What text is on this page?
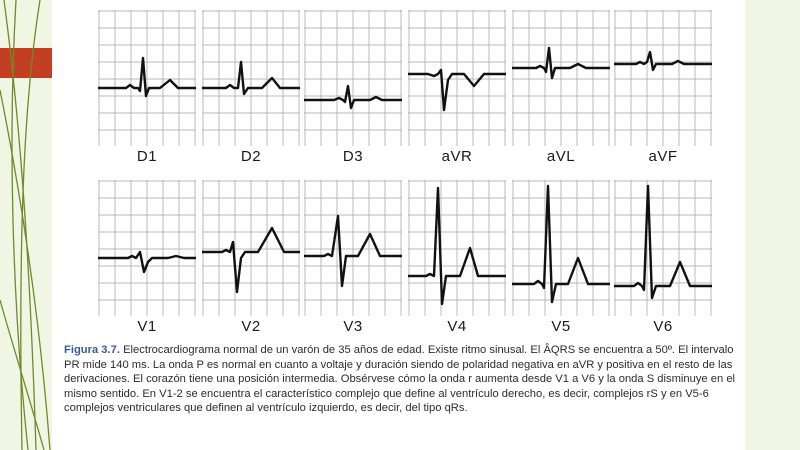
D1	D2	D3	aVR	aVL	aVF
V1	V2	V3	V4	V5	V6
Figura 3.7. Electrocardiograma normal de un varón de 35 años de edad. Existe ritmo sinusal. El ÂQRS se encuentra a 50º. El intervalo PR mide 140 ms. La onda P es normal en cuanto a voltaje y duración siendo de polaridad negativa en aVR y positiva en el resto de las derivaciones. El corazón tiene una posición intermedia. Obsérvese cómo la onda r aumenta desde V1 a V6 y la onda S disminuye en el mismo sentido. En V1-2 se encuentra el característico complejo que define al ventrículo derecho, es decir, complejos rS y en V5-6 complejos ventriculares que definen al ventrículo izquierdo, es decir, del tipo qRs.
